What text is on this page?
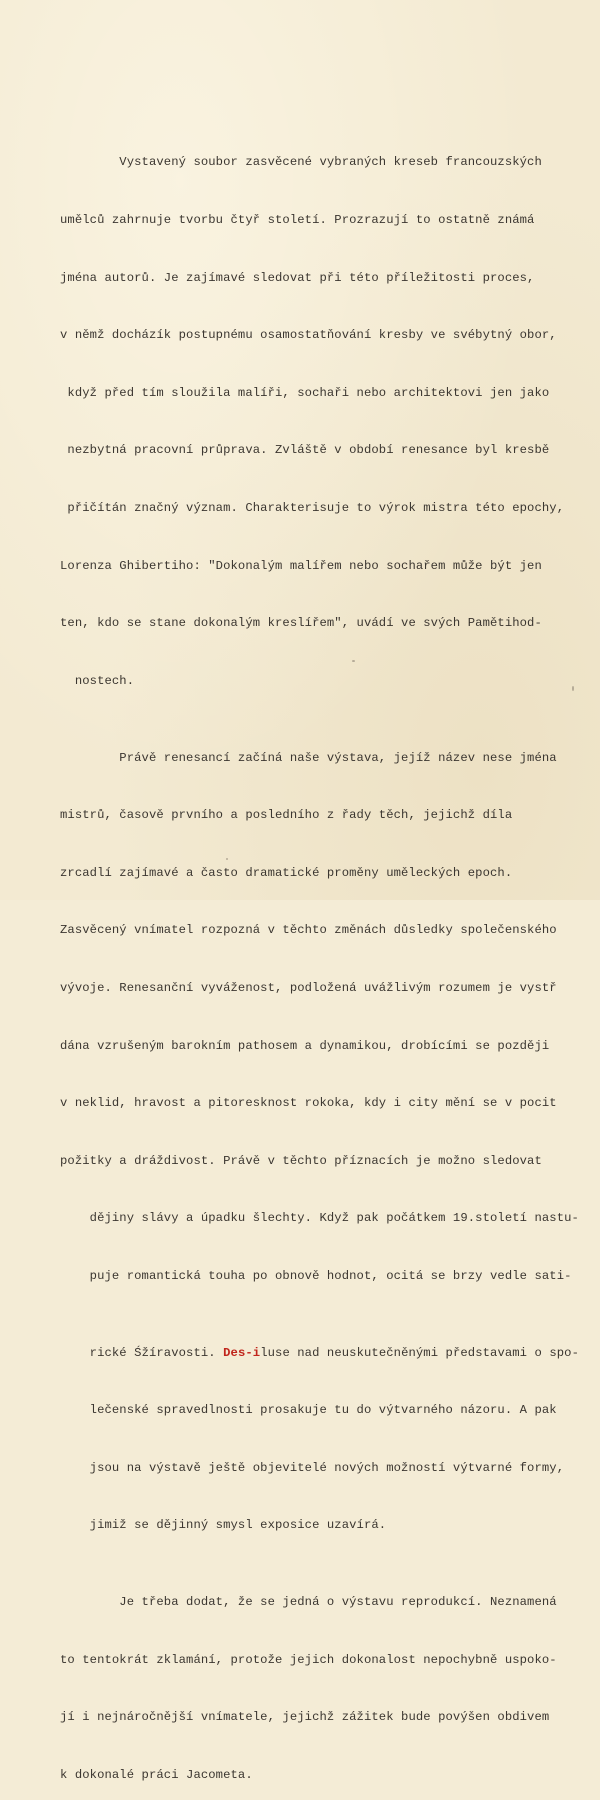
Vystavený soubor zasvěcené vybraných kreseb francouzských

umělců zahrnuje tvorbu čtyř století. Prozrazují to ostatně známá

jména autorů. Je zajímavé sledovat při této příležitosti proces,

v němž docházík postupnému osamostatňování kresby ve svébytný obor,

když před tím sloužila malíři, sochaři nebo architektovi jen jako

nezbytná pracovní průprava. Zvláště v období renesance byl kresbě

přičítán značný význam. Charakterisuje to výrok mistra této epochy,

Lorenza Ghibertiho: "Dokonalým malířem nebo sochařem může být jen

ten, kdo se stane dokonalým kreslířem", uvádí ve svých Pamětihod-

nostech.

Právě renesancí začíná naše výstava, jejíž název nese jména

mistrů, časově prvního a posledního z řady těch, jejichž díla

zrcadlí zajímavé a často dramatické proměny uměleckých epoch.

Zasvěcený vnímatel rozpozná v těchto změnách důsledky společenského

vývoje. Renesanční vyváženost, podložená uvážlivým rozumem je vystř

dána vzrušeným barokním pathosem a dynamikou, drobícími se později

v neklid, hravost a pitoresknost rokoka, kdy i city mění se v pocit

požitky a dráždivost. Právě v těchto příznacích je možno sledovat

dějiny slávy a úpadku šlechty. Když pak počátkem 19.století nastu-

puje romantická touha po obnově hodnot, ocitá se brzy vedle sati-

rické Śžíravosti. Des-iluse nad neuskutečněnými představami o spo-

lečenské spravedlnosti prosakuje tu do výtvarného názoru. A pak

jsou na výstavě ještě objevitelé nových možností výtvarné formy,

jimiž se dějinný smysl exposice uzavírá.

Je třeba dodat, že se jedná o výstavu reprodukcí. Neznamená

to tentokrát zklamání, protože jejich dokonalost nepochybně uspoko-

jí i nejnáročnější vnímatele, jejichž zážitek bude povýšen obdivem

k dokonalé práci Jacometa.
